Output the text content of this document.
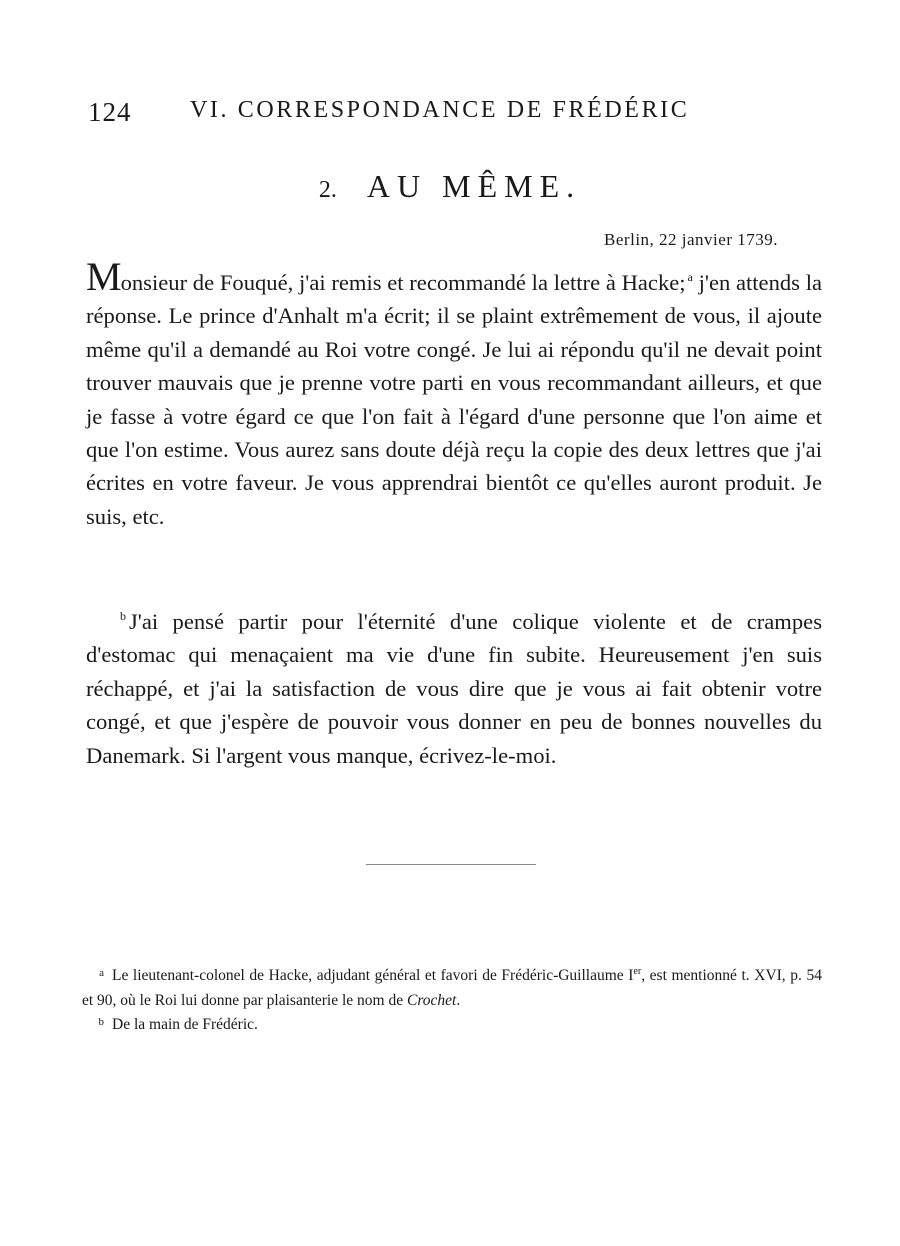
124 VI. CORRESPONDANCE DE FRÉDÉRIC
2. AU MÊME.
Berlin, 22 janvier 1739.

Monsieur de Fouqué, j'ai remis et recommandé la lettre à Hacke; $^a$ j'en attends la réponse. Le prince d'Anhalt m'a écrit; il se plaint extrêmement de vous, il ajoute même qu'il a demandé au Roi votre congé. Je lui ai répondu qu'il ne devait point trouver mauvais que je prenne votre parti en vous recommandant ailleurs, et que je fasse à votre égard ce que l'on fait à l'égard d'une personne que l'on aime et que l'on estime. Vous aurez sans doute déjà reçu la copie des deux lettres que j'ai écrites en votre faveur. Je vous apprendrai bientôt ce qu'elles auront produit. Je suis, etc.

$^b$ J'ai pensé partir pour l'éternité d'une colique violente et de crampes d'estomac qui menaçaient ma vie d'une fin subite. Heureusement j'en suis réchappé, et j'ai la satisfaction de vous dire que je vous ai fait obtenir votre congé, et que j'espère de pouvoir vous donner en peu de bonnes nouvelles du Danemark. Si l'argent vous manque, écrivez-le-moi.

a Le lieutenant-colonel de Hacke, adjudant général et favori de Frédéric-Guillaume Ier, est mentionné t. XVI, p. 54 et 90, où le Roi lui donne par plaisanterie le nom de Crochet.

b De la main de Frédéric.
